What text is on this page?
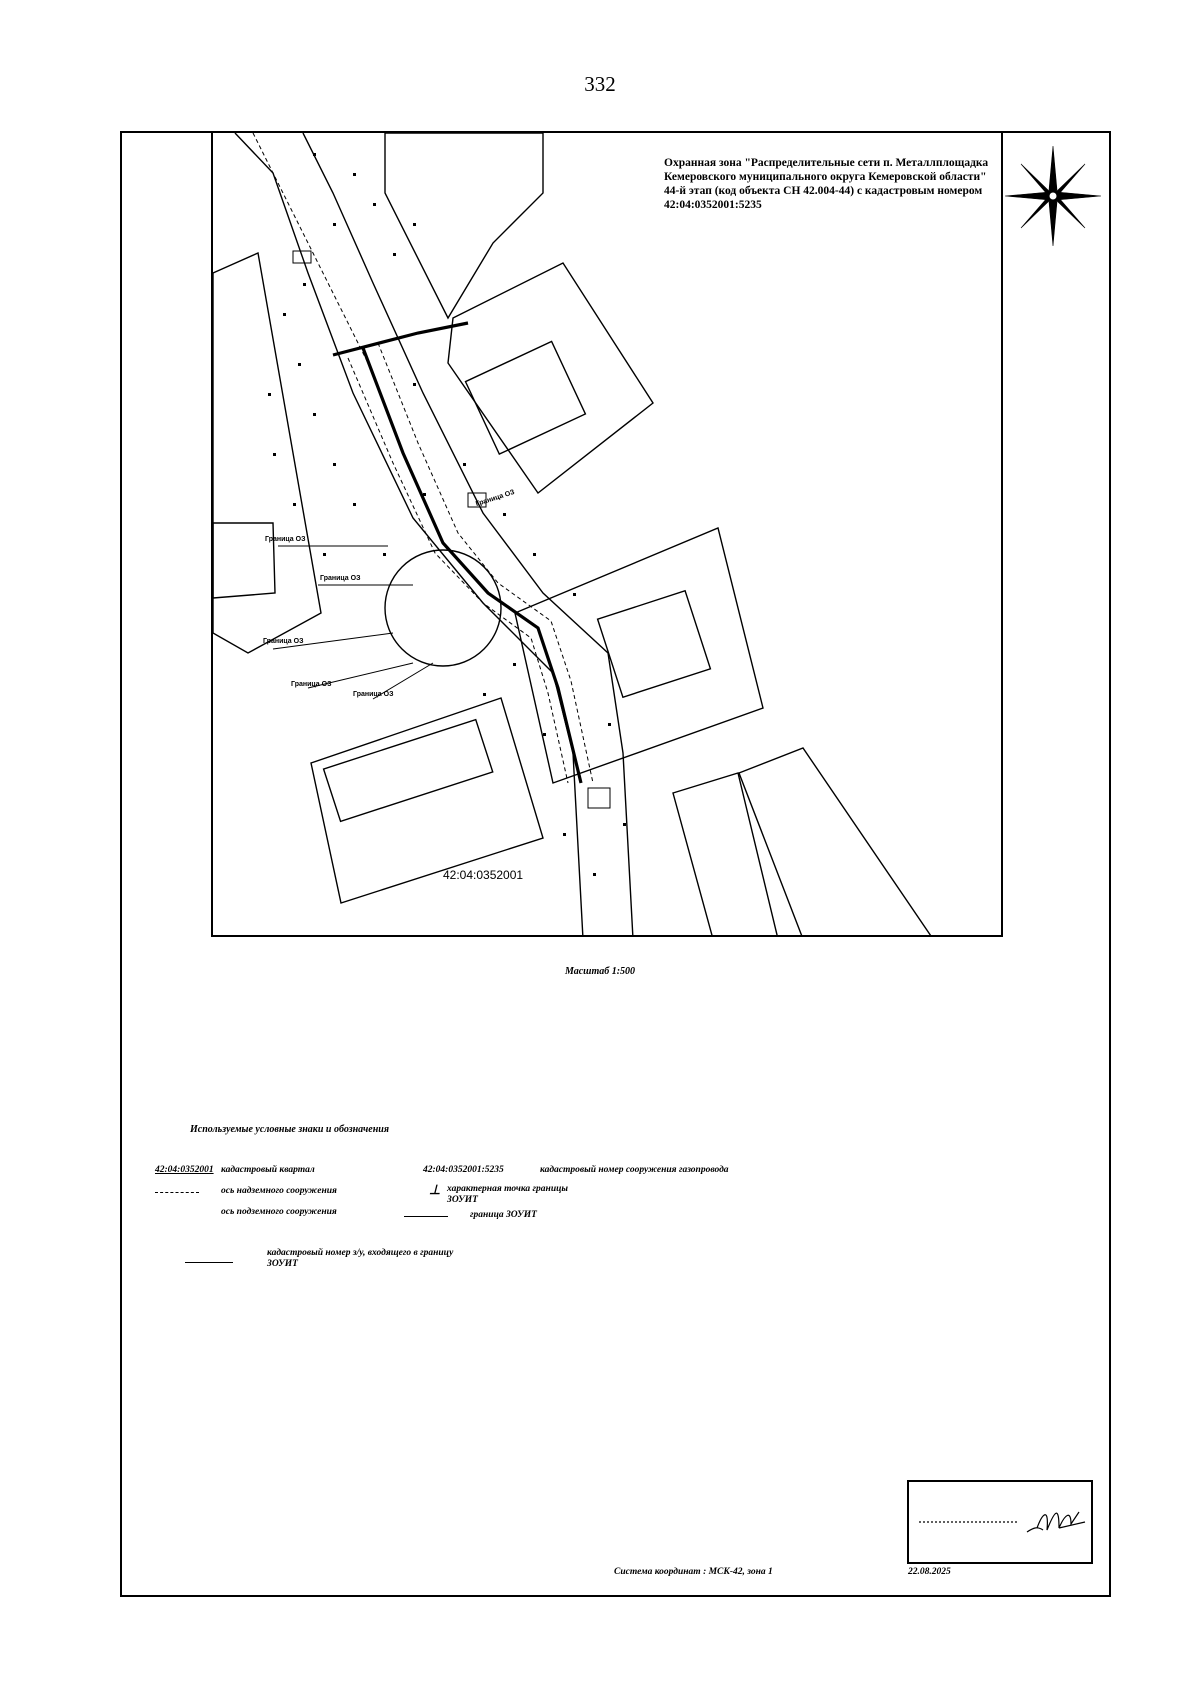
332
Граница ОЗ
Граница ОЗ
Граница ОЗ
Граница ОЗ
Граница ОЗ
Граница ОЗ
42:04:0352001
Охранная зона "Распределительные сети п. Металлплощадка Кемеровского муниципального округа Кемеровской области" 44-й этап (код объекта СН 42.004-44) с кадастровым номером 42:04:0352001:5235
Масштаб 1:500
Используемые условные знаки и обозначения
42:04:0352001 кадастровый квартал
ось надземного сооружения
ось подземного сооружения
42:04:0352001:5235	кадастровый номер сооружения газопровода
⊥ характерная точка границы ЗОУИТ
граница ЗОУИТ
кадастровый номер з/у, входящего в границу ЗОУИТ
Система координат : МСК-42, зона 1	22.08.2025
